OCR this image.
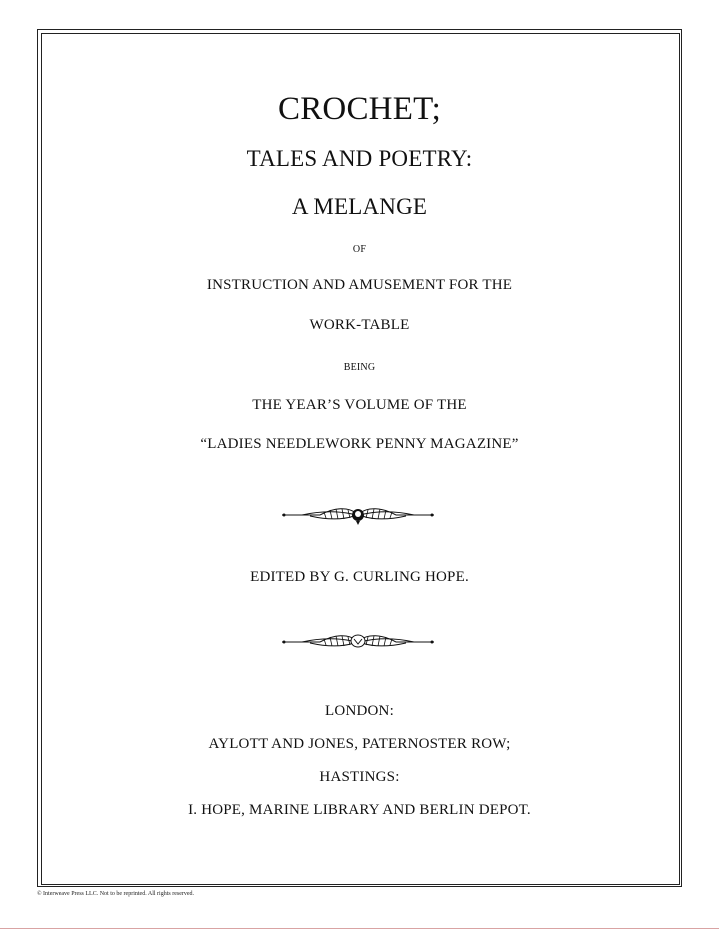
CROCHET;
TALES AND POETRY:
A MELANGE
OF
INSTRUCTION AND AMUSEMENT FOR THE
WORK-TABLE
BEING
THE YEAR’S VOLUME OF THE
“LADIES NEEDLEWORK PENNY MAGAZINE”
EDITED BY G. CURLING HOPE.
LONDON:
AYLOTT AND JONES, PATERNOSTER ROW;
HASTINGS:
I. HOPE, MARINE LIBRARY AND BERLIN DEPOT.
© Interweave Press LLC. Not to be reprinted. All rights reserved.
